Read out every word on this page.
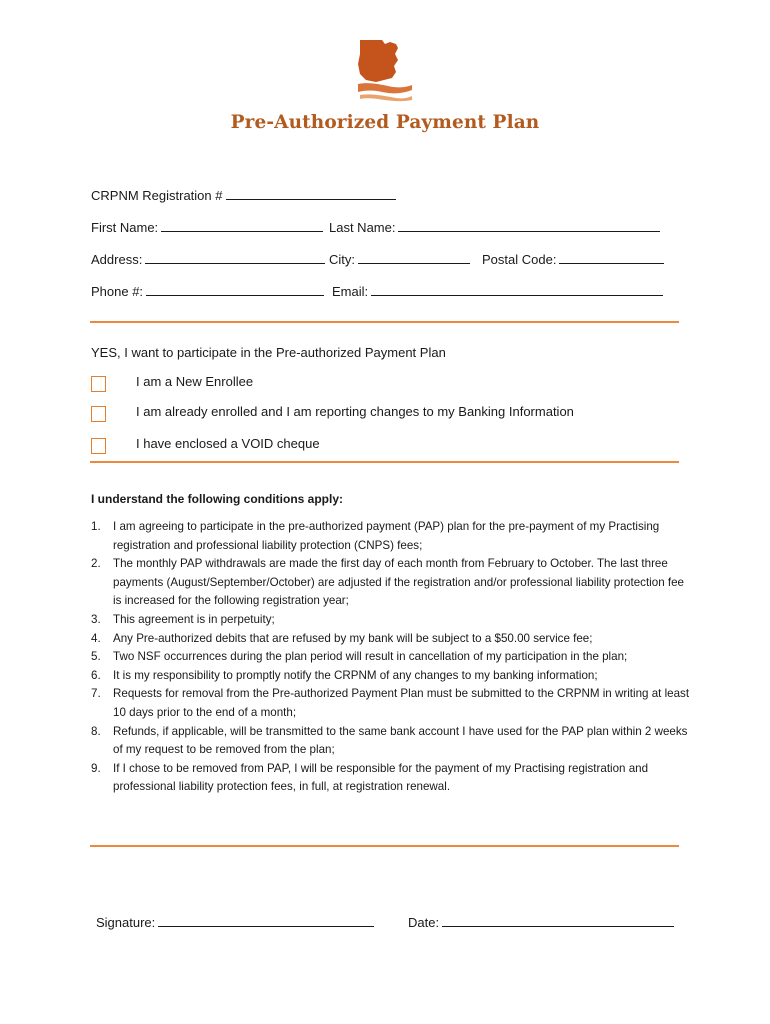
Pre-Authorized Payment Plan
CRPNM Registration #
First Name:	Last Name:
Address:	City:	Postal Code:
Phone #:	Email:
YES, I want to participate in the Pre-authorized Payment Plan
I am a New Enrollee
I am already enrolled and I am reporting changes to my Banking Information
I have enclosed a VOID cheque
I understand the following conditions apply:
1. I am agreeing to participate in the pre-authorized payment (PAP) plan for the pre-payment of my Practising registration and professional liability protection (CNPS) fees;
2. The monthly PAP withdrawals are made the first day of each month from February to October. The last three payments (August/September/October) are adjusted if the registration and/or professional liability protection fee is increased for the following registration year;
3. This agreement is in perpetuity;
4. Any Pre-authorized debits that are refused by my bank will be subject to a $50.00 service fee;
5. Two NSF occurrences during the plan period will result in cancellation of my participation in the plan;
6. It is my responsibility to promptly notify the CRPNM of any changes to my banking information;
7. Requests for removal from the Pre-authorized Payment Plan must be submitted to the CRPNM in writing at least 10 days prior to the end of a month;
8. Refunds, if applicable, will be transmitted to the same bank account I have used for the PAP plan within 2 weeks of my request to be removed from the plan;
9. If I chose to be removed from PAP, I will be responsible for the payment of my Practising registration and professional liability protection fees, in full, at registration renewal.
Signature:	Date:
